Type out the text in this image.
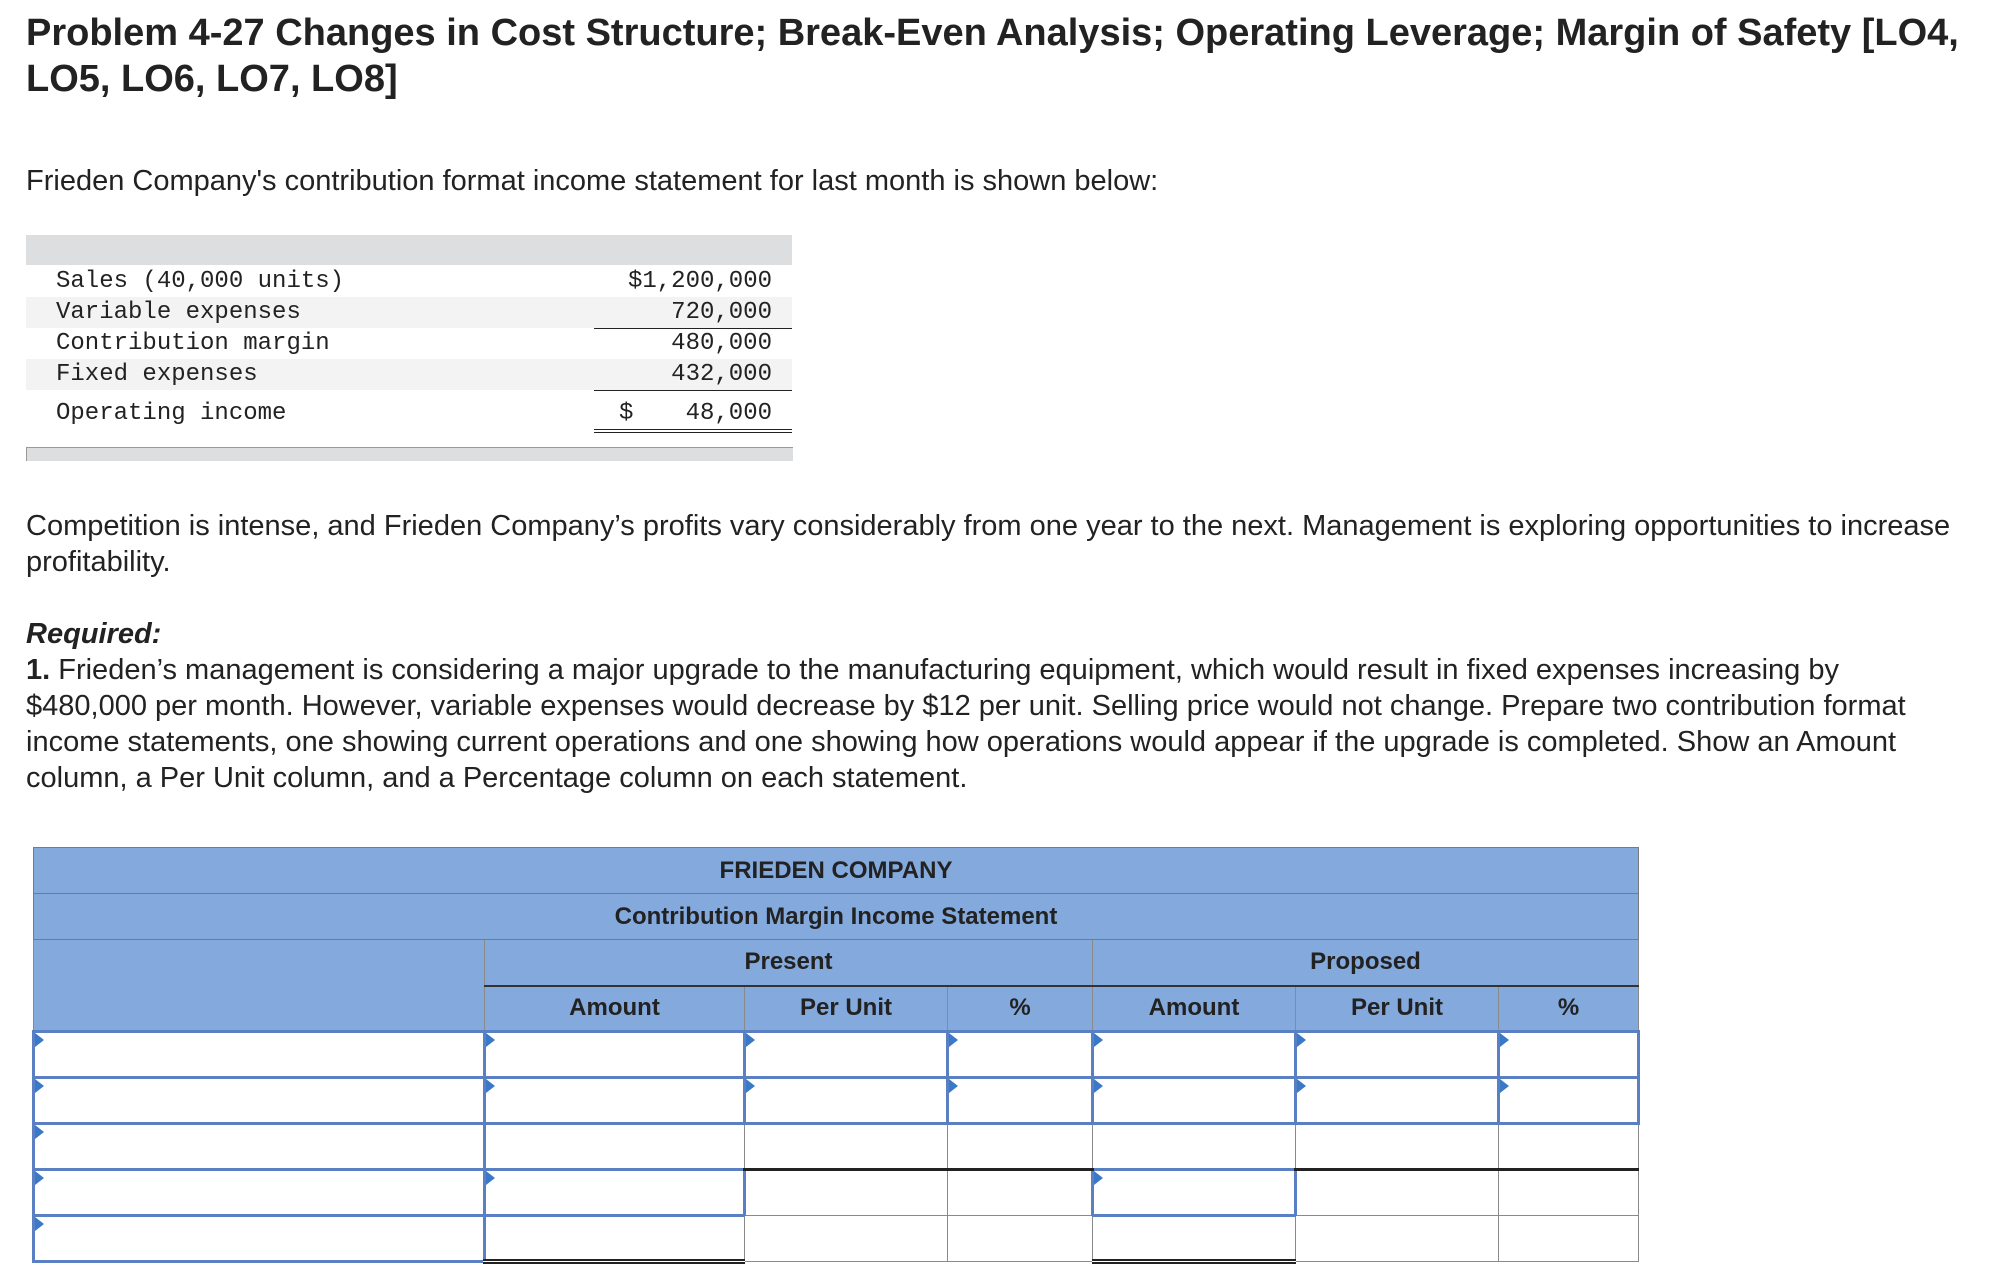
Problem 4-27 Changes in Cost Structure; Break-Even Analysis; Operating Leverage; Margin of Safety [LO4, LO5, LO6, LO7, LO8]
Frieden Company's contribution format income statement for last month is shown below:
Sales (40,000 units)	$1,200,000
Variable expenses	720,000
Contribution margin	480,000
Fixed expenses	432,000
Operating income	$ 48,000
Competition is intense, and Frieden Company’s profits vary considerably from one year to the next. Management is exploring opportunities to increase profitability.
Required:
1. Frieden’s management is considering a major upgrade to the manufacturing equipment, which would result in fixed expenses increasing by $480,000 per month. However, variable expenses would decrease by $12 per unit. Selling price would not change. Prepare two contribution format income statements, one showing current operations and one showing how operations would appear if the upgrade is completed. Show an Amount column, a Per Unit column, and a Percentage column on each statement.
FRIEDEN COMPANY						
Contribution Margin Income Statement						
	Present			Proposed		
	Amount	Per Unit	%	Amount	Per Unit	%
